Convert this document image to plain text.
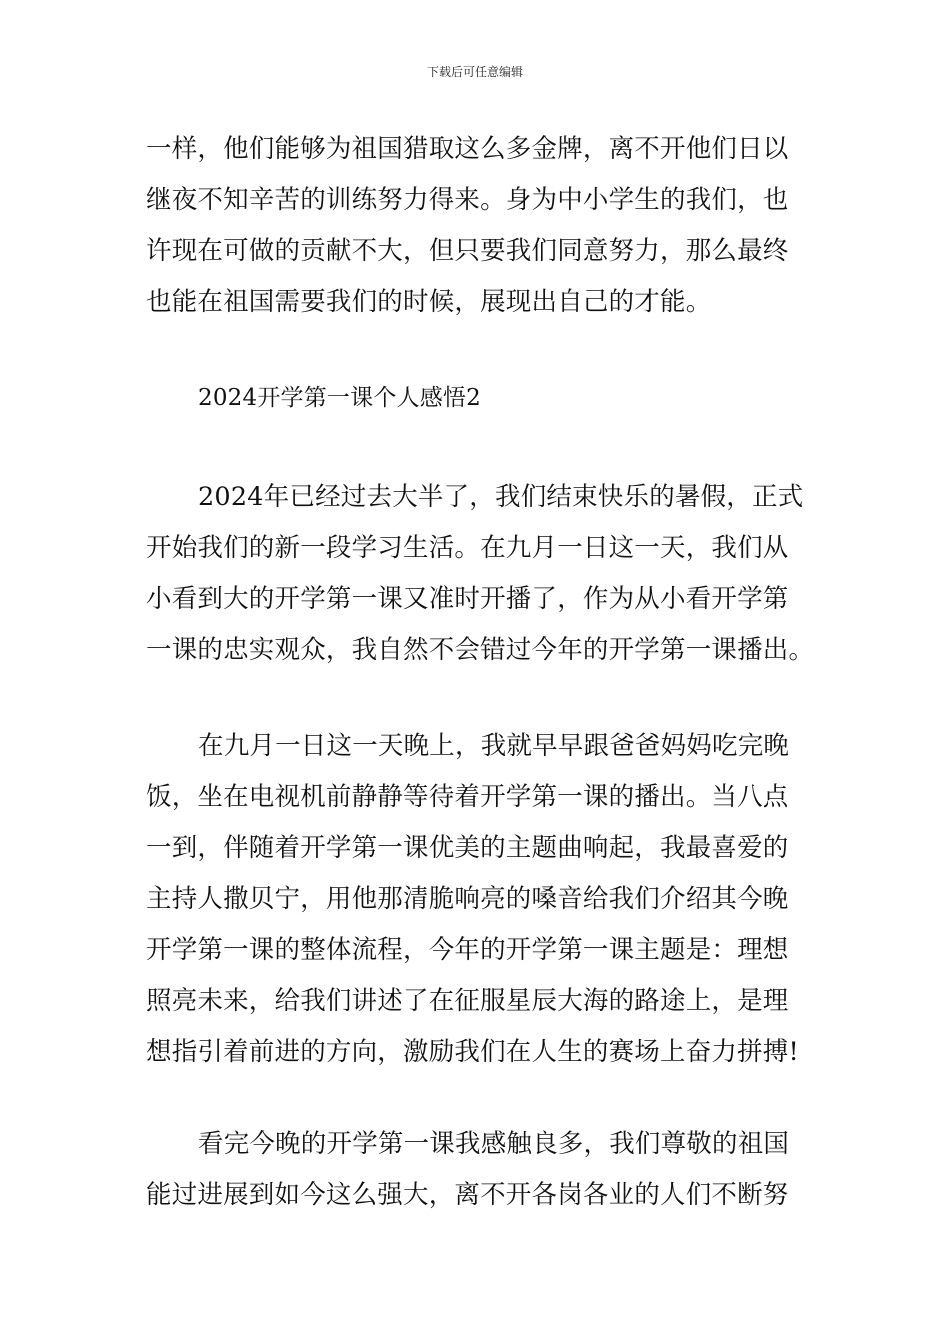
下载后可任意编辑
一样，他们能够为祖国猎取这么多金牌，离不开他们日以
继夜不知辛苦的训练努力得来。身为中小学生的我们，也
许现在可做的贡献不大，但只要我们同意努力，那么最终
也能在祖国需要我们的时候，展现出自己的才能。
2024开学第一课个人感悟2
2024年已经过去大半了，我们结束快乐的暑假，正式
开始我们的新一段学习生活。在九月一日这一天，我们从
小看到大的开学第一课又准时开播了，作为从小看开学第
一课的忠实观众，我自然不会错过今年的开学第一课播出。
在九月一日这一天晚上，我就早早跟爸爸妈妈吃完晚
饭，坐在电视机前静静等待着开学第一课的播出。当八点
一到，伴随着开学第一课优美的主题曲响起，我最喜爱的
主持人撒贝宁，用他那清脆响亮的嗓音给我们介绍其今晚
开学第一课的整体流程，今年的开学第一课主题是：理想
照亮未来，给我们讲述了在征服星辰大海的路途上，是理
想指引着前进的方向，激励我们在人生的赛场上奋力拼搏!
看完今晚的开学第一课我感触良多，我们尊敬的祖国
能过进展到如今这么强大，离不开各岗各业的人们不断努
